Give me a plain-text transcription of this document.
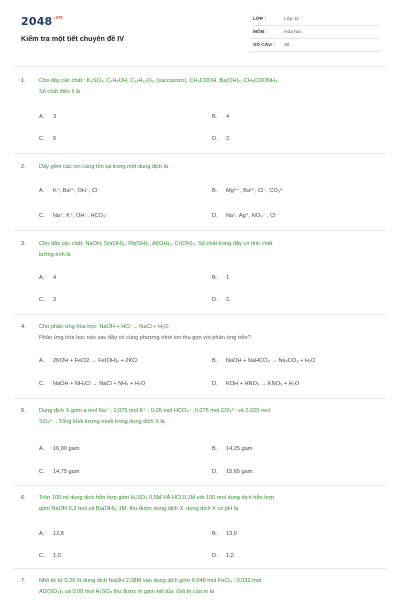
$2048^{.vn}$
Kiểm tra một tiết chuyên đề IV
LỚP :	Lớp 11
MÔN :	Hóa học
SỐ CÂU : 30
1. Cho dãy các chất : K₂SO₄, C₂H₅OH, C₁₂H₂₂O₁₁ (saccarozơ), CH₃COOH, Ba(OH)₂, CH₃COONH₄.
Số chất điện li là
A. 3	B. 4
C. 5	D. 2.
2. Dãy gồm các ion cùng tồn tại trong một dung dịch là
A. K⁺, Ba²⁺, OH⁻, Cl⁻	B. Mg²⁺ , Ba²⁺, Cl⁻, CO₃²⁻
C. Na⁺, K⁺, OH⁻, HCO₃⁻	D. Na⁺, Ag⁺, NO₃⁻ , Cl⁻
3. Cho dãy các chất: NaOH, Sn(OH)₂, Pb(OH)₂, Al(OH)₃, Cr(OH)₃. Số chất trong dãy có tính chất
lưỡng tính là
A. 4	B. 1
C. 3	D. 2.
4. Cho phản ứng hóa học: NaOH + HCl → NaCl + H₂O
Phản ứng hóa học nào sau đây có cùng phương trình ion thu gọn với phản ứng trên?
A. 2KOH + FeCl2 → Fe(OH)₂ + 2KCl	B. NaOH + NaHCO₃ → Na₂CO₃ + H₂O
C. NaOH + NH₄Cl → NaCl + NH₃ + H₂O	D. KOH + HNO₃ → KNO₃ + H₂O
5. Dung dịch X gồm a mol Na⁺ ; 0,075 mol K⁺ ; 0,05 mol HCO₃⁻ ;0,075 mol CO₃²⁻ và 0,025 mol
SO₄²⁻ . Tổng khối lượng muối trong dung dịch X là
A. 16,90 gam	B. 14,25 gam
C. 14,75 gam	D. 15,65 gam.
6. Trộn 100 ml dung dịch hỗn hợp gồm H₂SO₄ 0,5M VÀ HCl 0,1M với 100 mol dung dịch hỗn hợp
gồm NaOH 0,2 mol và Ba(OH)₂ 1M, thu được dung dịch X. dung dịch X có pH là
A. 12,8	B. 13,0
C. 1,0	D. 1,2.
7. Nhỏ từ từ 0,25 lít dung dịch NaOH 2,08M vào dung dịch gồm 0,048 mol FeCl₃ ; 0,032 mol
Al2(SO₄)₃ và 0,08 mol H₂SO₄ thu được m gam kết tủa. Giá trị của m là
